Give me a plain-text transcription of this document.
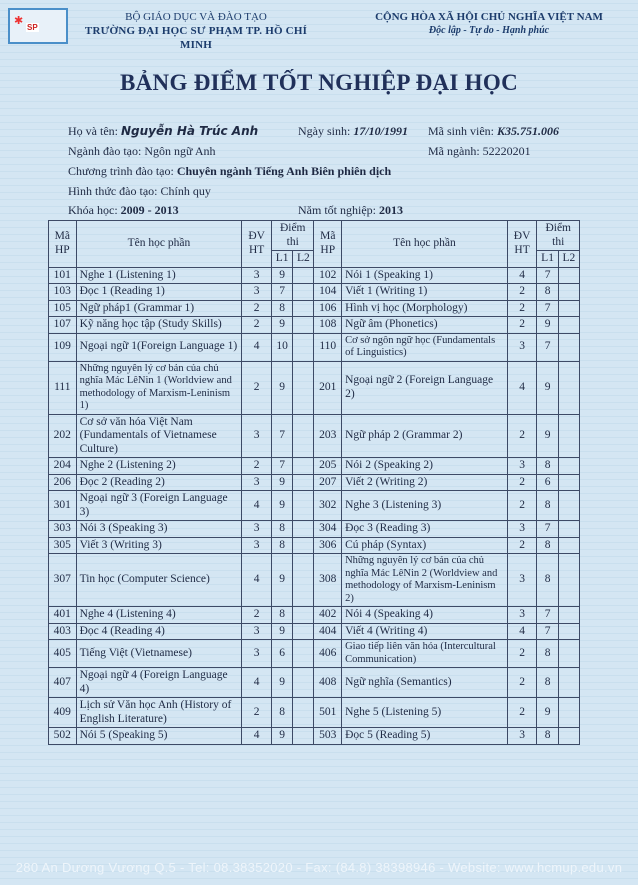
✱
SP
BỘ GIÁO DỤC VÀ ĐÀO TẠO
TRƯỜNG ĐẠI HỌC SƯ PHẠM TP. HỒ CHÍ MINH
CỘNG HÒA XÃ HỘI CHỦ NGHĨA VIỆT NAM
Độc lập - Tự do - Hạnh phúc
BẢNG ĐIỂM TỐT NGHIỆP ĐẠI HỌC
Họ và tên: Nguyễn Hà Trúc Anh	Ngày sinh: 17/10/1991 Mã sinh viên: K35.751.006
Ngành đào tạo: Ngôn ngữ Anh	Mã ngành: 52220201
Chương trình đào tạo: Chuyên ngành Tiếng Anh Biên phiên dịch
Hình thức đào tạo: Chính quy
Khóa học: 2009 - 2013	Năm tốt nghiệp: 2013
Mã HP	Tên học phần	ĐV HT	Điểm thi		Mã HP	Tên học phần	ĐV HT	Điểm thi	
			L1	L2				L1	L2
101	Nghe 1 (Listening 1)	3	9		102	Nói 1 (Speaking 1)	4	7	
103	Đọc 1 (Reading 1)	3	7		104	Viết 1 (Writing 1)	2	8	
105	Ngữ pháp1 (Grammar 1)	2	8		106	Hình vị học (Morphology)	2	7	
107	Kỹ năng học tập (Study Skills)	2	9		108	Ngữ âm (Phonetics)	2	9	
109	Ngoại ngữ 1(Foreign Language 1)	4	10		110	Cơ sở ngôn ngữ học (Fundamentals of Linguistics)	3	7	
111	Những nguyên lý cơ bản của chủ nghĩa Mác LêNin 1 (Worldview and methodology of Marxism-Leninism 1)	2	9		201	Ngoại ngữ 2 (Foreign Language 2)	4	9	
202	Cơ sở văn hóa Việt Nam (Fundamentals of Vietnamese Culture)	3	7		203	Ngữ pháp 2 (Grammar 2)	2	9	
204	Nghe 2 (Listening 2)	2	7		205	Nói 2 (Speaking 2)	3	8	
206	Đọc 2 (Reading 2)	3	9		207	Viết 2 (Writing 2)	2	6	
301	Ngoại ngữ 3 (Foreign Language 3)	4	9		302	Nghe 3 (Listening 3)	2	8	
303	Nói 3 (Speaking 3)	3	8		304	Đọc 3 (Reading 3)	3	7	
305	Viết 3 (Writing 3)	3	8		306	Cú pháp (Syntax)	2	8	
307	Tin học (Computer Science)	4	9		308	Những nguyên lý cơ bản của chủ nghĩa Mác LêNin 2 (Worldview and methodology of Marxism-Leninism 2)	3	8	
401	Nghe 4 (Listening 4)	2	8		402	Nói 4 (Speaking 4)	3	7	
403	Đọc 4 (Reading 4)	3	9		404	Viết 4 (Writing 4)	4	7	
405	Tiếng Việt (Vietnamese)	3	6		406	Giao tiếp liên văn hóa (Intercultural Communication)	2	8	
407	Ngoại ngữ 4 (Foreign Language 4)	4	9		408	Ngữ nghĩa (Semantics)	2	8	
409	Lịch sử Văn học Anh (History of English Literature)	2	8		501	Nghe 5 (Listening 5)	2	9	
502	Nói 5 (Speaking 5)	4	9		503	Đọc 5 (Reading 5)	3	8	
280 An Dương Vương Q.5 - Tel: 08.38352020 - Fax: (84.8) 38398946 - Website: www.hcmup.edu.vn
